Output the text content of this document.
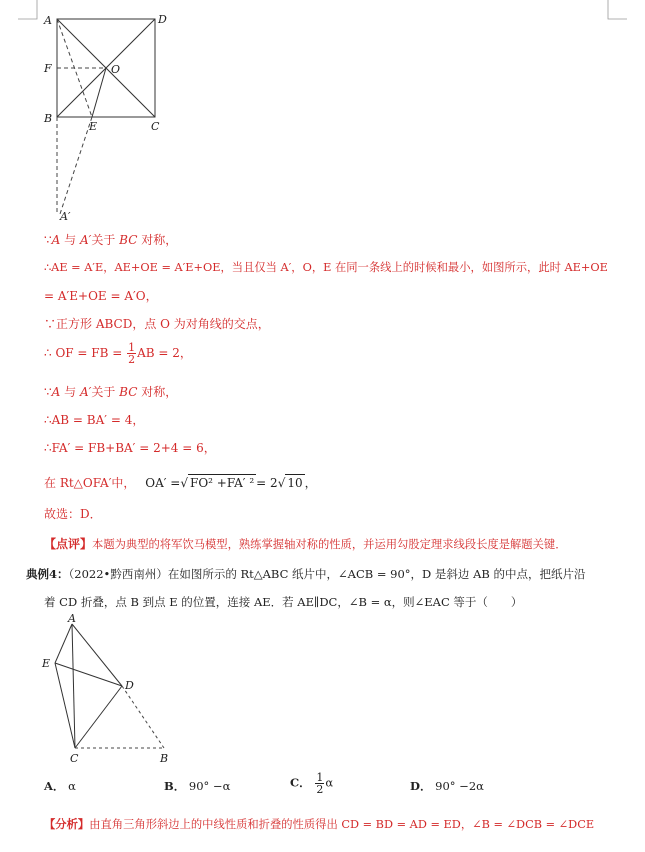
A	D
F	O
B
E	C
A′
∵A 与 A′关于 BC 对称，
∴AE = A′E，AE+OE = A′E+OE，当且仅当 A′，O，E 在同一条线上的时候和最小，如图所示，此时 AE+OE
= A′E+OE = A′O，
∵正方形 ABCD，点 O 为对角线的交点，
∴ OF = FB = $\frac{1}{2}$ AB = 2，
∵A 与 A′关于 BC 对称，
∴AB = BA′ = 4，
∴FA′ = FB+BA′ = 2+4 = 6，
在 Rt△OFA′中， OA′ =√ FO² +FA′ ² = 2√ 10 ，
故选：D．
【点评】本题为典型的将军饮马模型，熟练掌握轴对称的性质，并运用勾股定理求线段长度是解题关键．
典例4：（2022•黔西南州）在如图所示的 Rt△ABC 纸片中，∠ACB = 90°，D 是斜边 AB 的中点，把纸片沿
着 CD 折叠，点 B 到点 E 的位置，连接 AE．若 AE∥DC，∠B = α，则∠EAC 等于（　　）
A
E
D
C	B
A． α	B． 90° −α	C． $\frac{1}{2}$ α	D． 90° −2α
【分析】由直角三角形斜边上的中线性质和折叠的性质得出 CD = BD = AD = ED，∠B = ∠DCB = ∠DCE
